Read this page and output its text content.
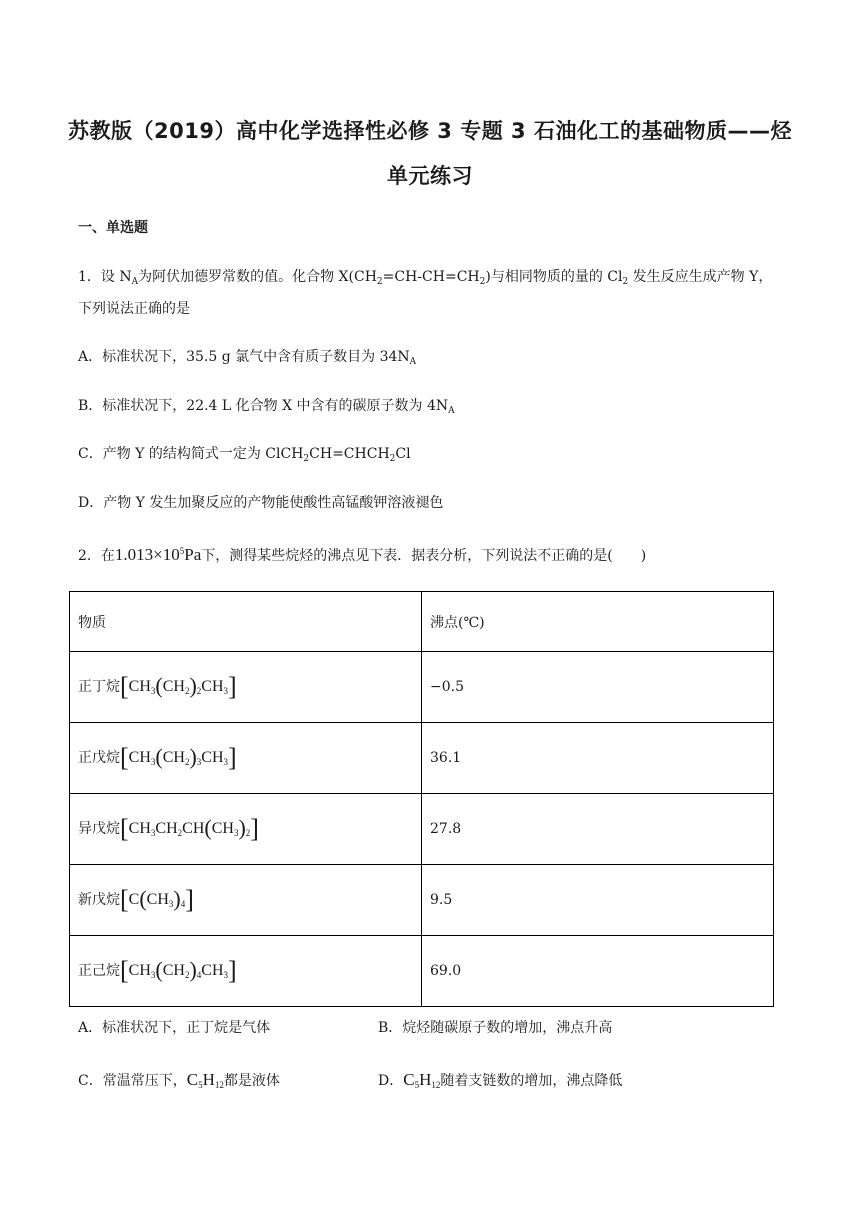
苏教版（2019）高中化学选择性必修 3 专题 3 石油化工的基础物质——烃
单元练习
一、单选题
1．设 $N_A$为阿伏加德罗常数的值。化合物 $X(CH_2=CH-CH=CH_2)$与相同物质的量的 $Cl_2$ 发生反应生成产物 Y，
下列说法正确的是
A．标准状况下，35.5 g 氯气中含有质子数目为 $34N_A$
B．标准状况下，22.4 L 化合物 X 中含有的碳原子数为 $4N_A$
C．产物 Y 的结构简式一定为 $ClCH_2CH=CHCH_2Cl$
D．产物 Y 发生加聚反应的产物能使酸性高锰酸钾溶液褪色
2．在$1.013\times 10^5Pa$下，测得某些烷烃的沸点见下表．据表分析，下列说法不正确的是(　　)
物质	沸点(℃)
正丁烷$[CH_3(CH_2)_2CH_3]$	−0.5
正戊烷$[CH_3(CH_2)_3CH_3]$	36.1
异戊烷$[CH_3CH_2CH(CH_3)_2]$	27.8
新戊烷$[C(CH_3)_4]$	9.5
正己烷$[CH_3(CH_2)_4CH_3]$	69.0
A．标准状况下，正丁烷是气体	B．烷烃随碳原子数的增加，沸点升高
C．常温常压下，$C_5H_{12}$都是液体	D．$C_5H_{12}$随着支链数的增加，沸点降低
